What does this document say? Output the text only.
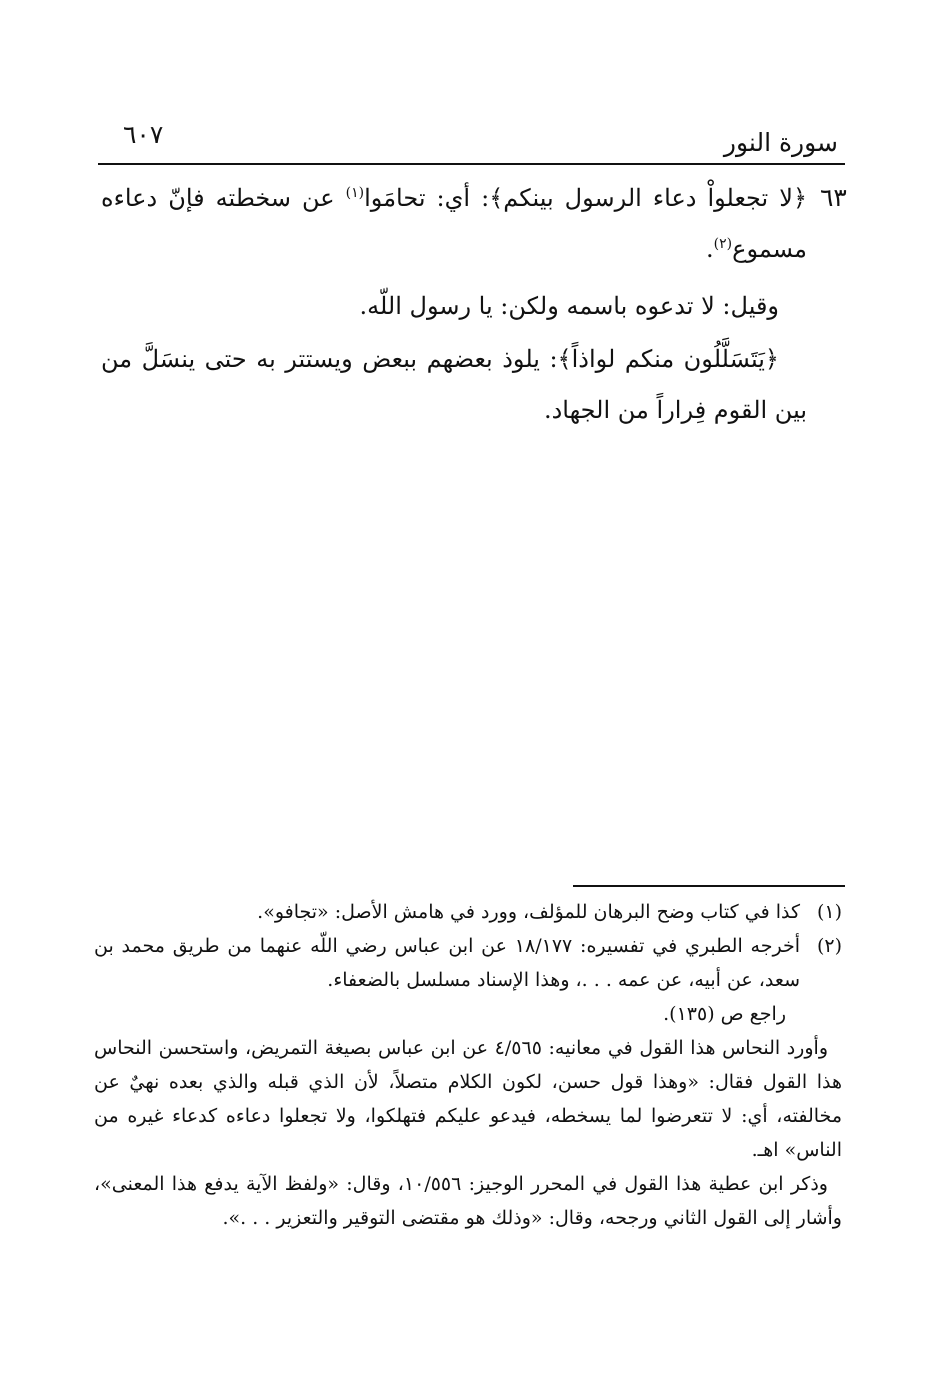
سورة النور
٦٠٧
٦٣

﴿لا تجعلواْ دعاء الرسول بينكم﴾: أي: تحامَوا$^{(١)}$ عن سخطته فإنّ دعاءه مسموع$^{(٢)}$.

وقيل: لا تدعوه باسمه ولكن: يا رسول اللّه.

﴿يَتَسَلَّلُون منكم لواذاً﴾: يلوذ بعضهم ببعض ويستتر به حتى ينسَلَّ من بين القوم فِراراً من الجهاد.

(١)
كذا في كتاب وضح البرهان للمؤلف، وورد في هامش الأصل: «تجافو».
(٢)
أخرجه الطبري في تفسيره: ١٨/١٧٧ عن ابن عباس رضي اللّه عنهما من طريق محمد بن سعد، عن أبيه، عن عمه . . .، وهذا الإسناد مسلسل بالضعفاء.
راجع ص (١٣٥).
وأورد النحاس هذا القول في معانيه: ٤/٥٦٥ عن ابن عباس بصيغة التمريض، واستحسن النحاس هذا القول فقال: «وهذا قول حسن، لكون الكلام متصلاً، لأن الذي قبله والذي بعده نهيٌ عن مخالفته، أي: لا تتعرضوا لما يسخطه، فيدعو عليكم فتهلكوا، ولا تجعلوا دعاءه كدعاء غيره من الناس» اهـ.
وذكر ابن عطية هذا القول في المحرر الوجيز: ١٠/٥٥٦، وقال: «ولفظ الآية يدفع هذا المعنى»، وأشار إلى القول الثاني ورجحه، وقال: «وذلك هو مقتضى التوقير والتعزير . . .».
